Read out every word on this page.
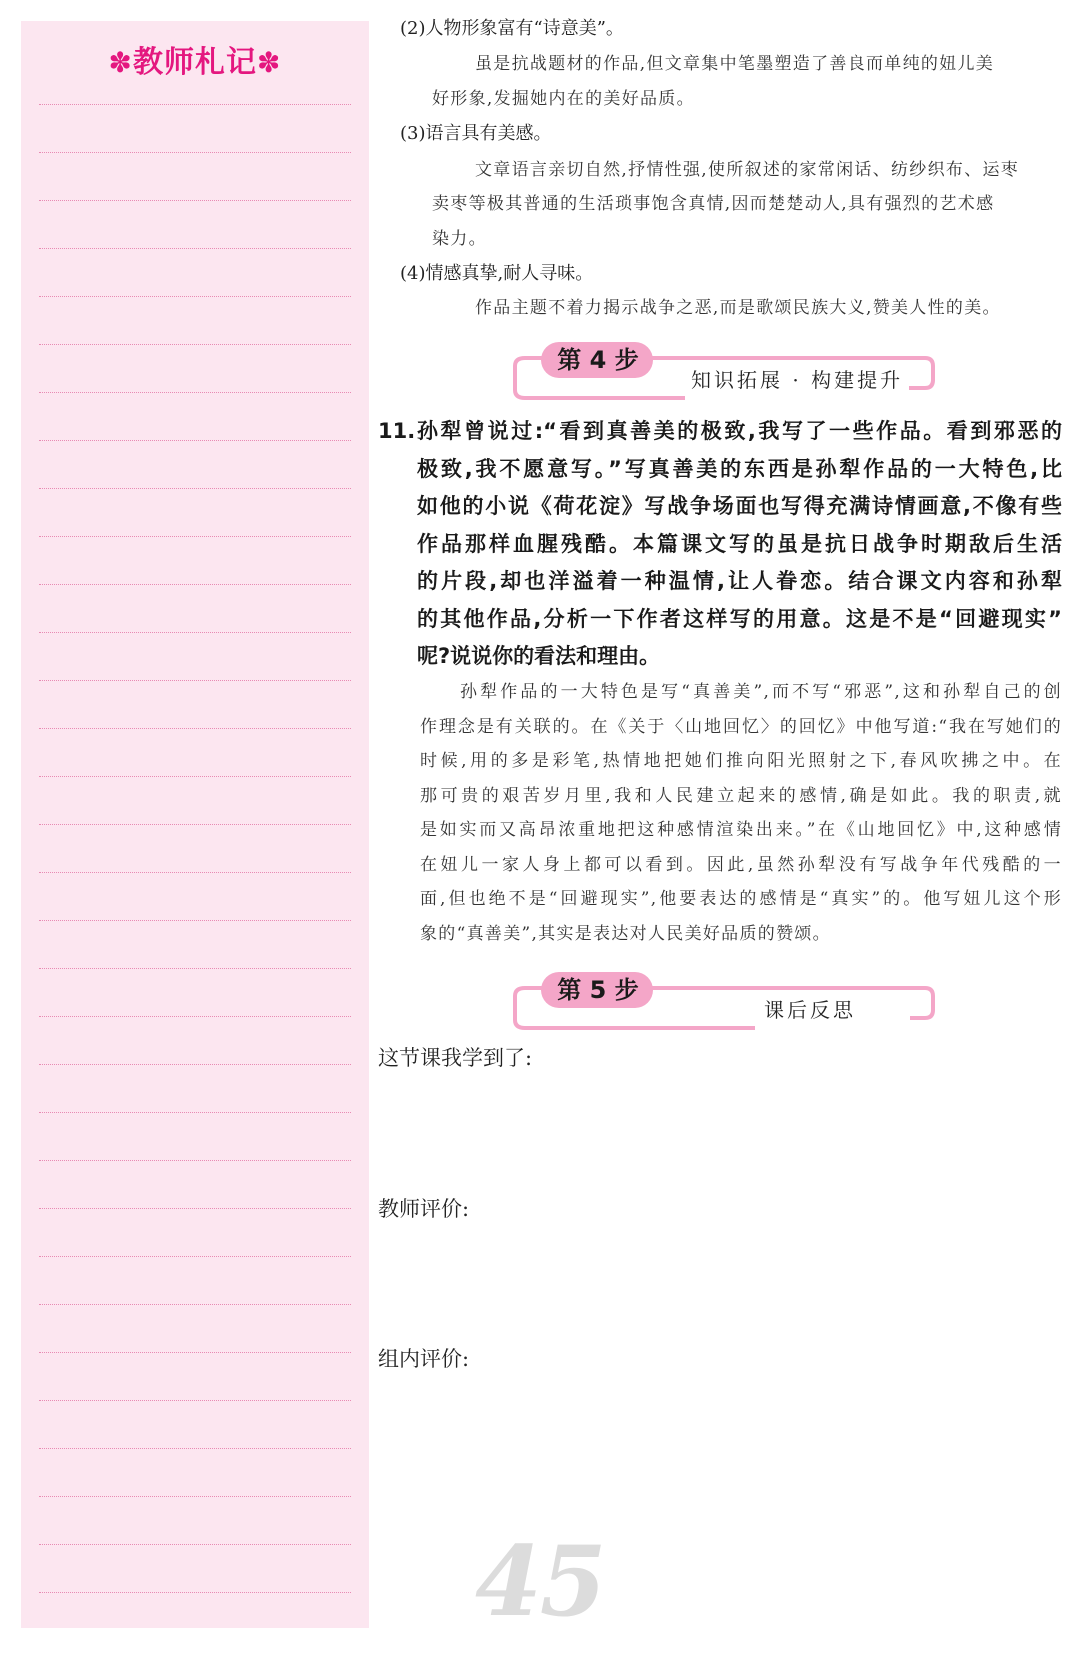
✽教师札记✽
(2)人物形象富有“诗意美”。
虽是抗战题材的作品,但文章集中笔墨塑造了善良而单纯的妞儿美
好形象,发掘她内在的美好品质。
(3)语言具有美感。
文章语言亲切自然,抒情性强,使所叙述的家常闲话、纺纱织布、运枣
卖枣等极其普通的生活琐事饱含真情,因而楚楚动人,具有强烈的艺术感
染力。
(4)情感真挚,耐人寻味。
作品主题不着力揭示战争之恶,而是歌颂民族大义,赞美人性的美。
第 4 步
知识拓展 · 构建提升
11. 孙犁曾说过:“看到真善美的极致,我写了一些作品。看到邪恶的
极致,我不愿意写。”写真善美的东西是孙犁作品的一大特色,比
如他的小说《荷花淀》写战争场面也写得充满诗情画意,不像有些
作品那样血腥残酷。本篇课文写的虽是抗日战争时期敌后生活
的片段,却也洋溢着一种温情,让人眷恋。结合课文内容和孙犁
的其他作品,分析一下作者这样写的用意。这是不是“回避现实”
呢?说说你的看法和理由。
孙犁作品的一大特色是写“真善美”,而不写“邪恶”,这和孙犁自己的创
作理念是有关联的。在《关于〈山地回忆〉的回忆》中他写道:“我在写她们的
时候,用的多是彩笔,热情地把她们推向阳光照射之下,春风吹拂之中。在
那可贵的艰苦岁月里,我和人民建立起来的感情,确是如此。我的职责,就
是如实而又高昂浓重地把这种感情渲染出来。”在《山地回忆》中,这种感情
在妞儿一家人身上都可以看到。因此,虽然孙犁没有写战争年代残酷的一
面,但也绝不是“回避现实”,他要表达的感情是“真实”的。他写妞儿这个形
象的“真善美”,其实是表达对人民美好品质的赞颂。
第 5 步
课后反思
这节课我学到了:
教师评价:
组内评价:
45
